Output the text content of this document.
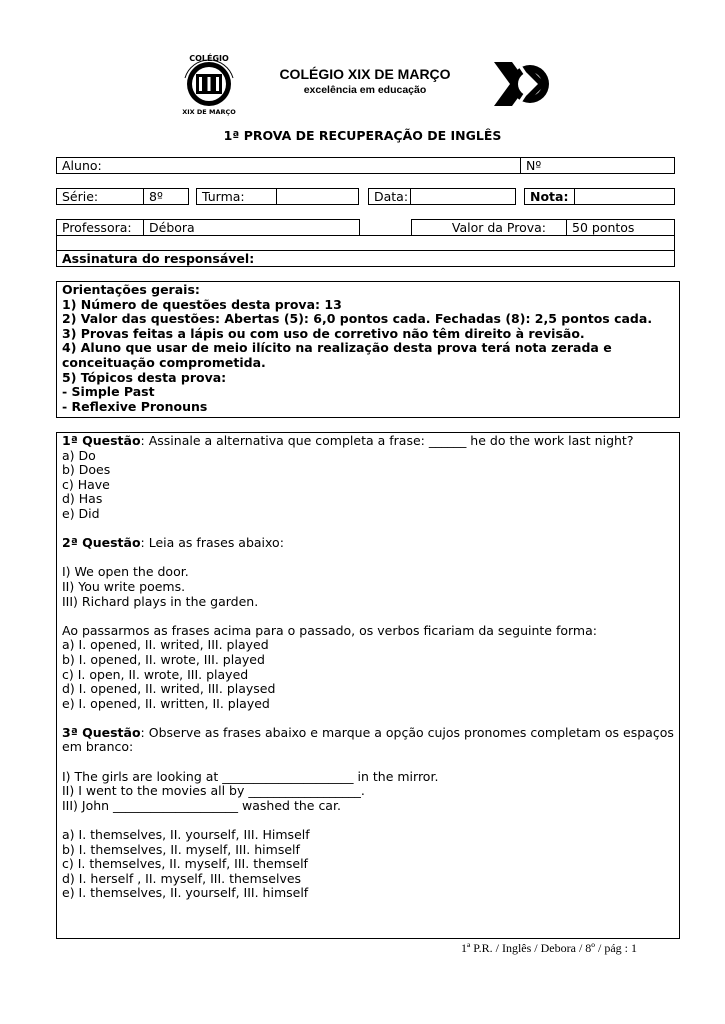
COLÉGIO
XIX DE MARÇO
COLÉGIO XIX DE MARÇO
excelência em educação
1ª PROVA DE RECUPERAÇÃO DE INGLÊS
Aluno:	Nº
Série:	8º	Turma:	Data:	Nota:
Professora:	Débora	Valor da Prova:	50 pontos
Assinatura do responsável:
Orientações gerais:
1) Número de questões desta prova: 13
2) Valor das questões: Abertas (5): 6,0 pontos cada. Fechadas (8): 2,5 pontos cada.
3) Provas feitas a lápis ou com uso de corretivo não têm direito à revisão.
4) Aluno que usar de meio ilícito na realização desta prova terá nota zerada e
conceituação comprometida.
5) Tópicos desta prova:
- Simple Past
- Reflexive Pronouns
1ª Questão: Assinale a alternativa que completa a frase: ______ he do the work last night?
a) Do
b) Does
c) Have
d) Has
e) Did
2ª Questão: Leia as frases abaixo:
I) We open the door.
II) You write poems.
III) Richard plays in the garden.
Ao passarmos as frases acima para o passado, os verbos ficariam da seguinte forma:
a) I. opened, II. writed, III. played
b) I. opened, II. wrote, III. played
c) I. open, II. wrote, III. played
d) I. opened, II. writed, III. playsed
e) I. opened, II. written, II. played
3ª Questão: Observe as frases abaixo e marque a opção cujos pronomes completam os espaços
em branco:
I) The girls are looking at _____________________ in the mirror.
II) I went to the movies all by __________________.
III) John ____________________ washed the car.
a) I. themselves, II. yourself, III. Himself
b) I. themselves, II. myself, III. himself
c) I. themselves, II. myself, III. themself
d) I. herself , II. myself, III. themselves
e) I. themselves, II. yourself, III. himself
1ª P.R. / Inglês / Debora / 8º / pág : 1
